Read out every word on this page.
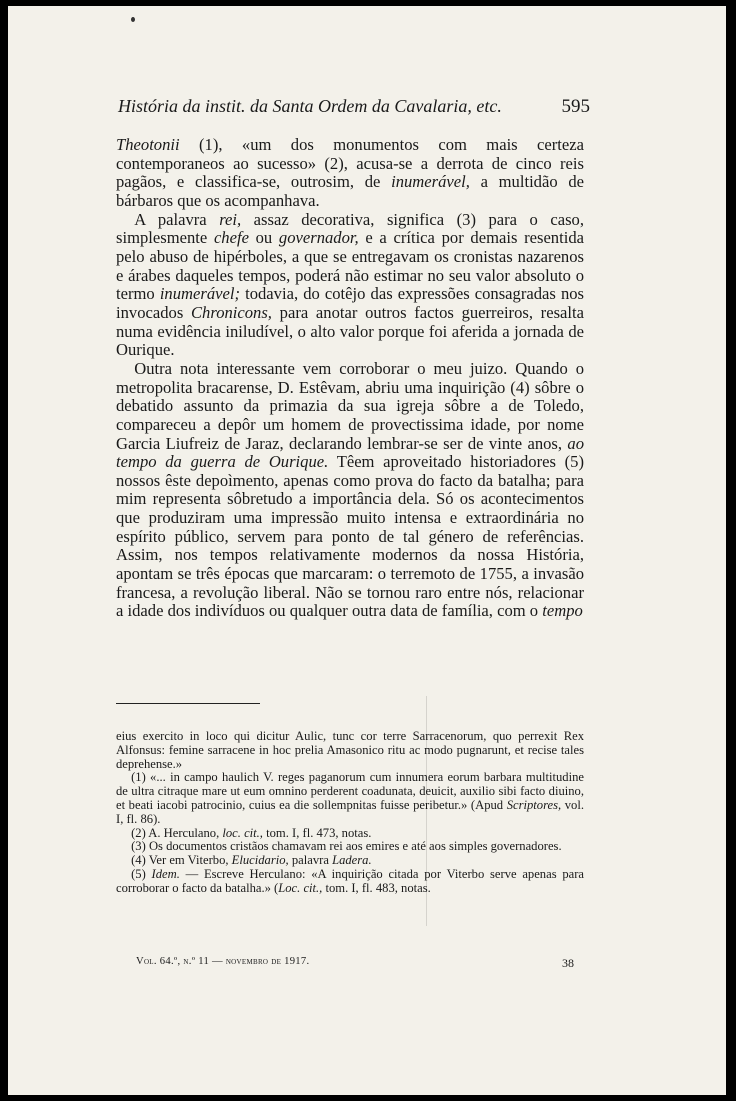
História da instit. da Santa Ordem da Cavalaria, etc.	595

Theotonii (1), «um dos monumentos com mais certeza contemporaneos ao sucesso» (2), acusa-se a derrota de cinco reis pagãos, e classifica-se, outrosim, de inumerável, a multidão de bárbaros que os acompanhava.

A palavra rei, assaz decorativa, significa (3) para o caso, simplesmente chefe ou governador, e a crítica por demais resentida pelo abuso de hipérboles, a que se entregavam os cronistas nazarenos e árabes daqueles tempos, poderá não estimar no seu valor absoluto o termo inumerável; todavia, do cotêjo das expressões consagradas nos invocados Chronicons, para anotar outros factos guerreiros, resalta numa evidência iniludível, o alto valor porque foi aferida a jornada de Ourique.

Outra nota interessante vem corroborar o meu juizo. Quando o metropolita bracarense, D. Estêvam, abriu uma inquirição (4) sôbre o debatido assunto da primazia da sua igreja sôbre a de Toledo, compareceu a depôr um homem de provectissima idade, por nome Garcia Liufreiz de Jaraz, declarando lembrar-se ser de vinte anos, ao tempo da guerra de Ourique. Têem aproveitado historiadores (5) nossos êste depoìmento, apenas como prova do facto da batalha; para mim representa sôbretudo a importância dela. Só os acontecimentos que produziram uma impressão muito intensa e extraordinária no espírito público, servem para ponto de tal género de referências. Assim, nos tempos relativamente modernos da nossa História, apontam se três épocas que marcaram: o terremoto de 1755, a invasão francesa, a revolução liberal. Não se tornou raro entre nós, relacionar a idade dos indivíduos ou qualquer outra data de família, com o tempo

eius exercito in loco qui dicitur Aulic, tunc cor terre Sarracenorum, quo perrexit Rex Alfonsus: femine sarracene in hoc prelia Amasonico ritu ac modo pugnarunt, et recise tales deprehense.»

(1) «... in campo haulich V. reges paganorum cum innumera eorum barbara multitudine de ultra citraque mare ut eum omnino perderent coadunata, deuicit, auxilio sibi facto diuino, et beati iacobi patrocinio, cuius ea die sollempnitas fuisse peribetur.» (Apud Scriptores, vol. I, fl. 86).

(2) A. Herculano, loc. cit., tom. I, fl. 473, notas.

(3) Os documentos cristãos chamavam rei aos emires e até aos simples governadores.

(4) Ver em Viterbo, Elucidario, palavra Ladera.

(5) Idem. — Escreve Herculano: «A inquirição citada por Viterbo serve apenas para corroborar o facto da batalha.» (Loc. cit., tom. I, fl. 483, notas.

Vol. 64.º, n.º 11 — novembro de 1917.	38
